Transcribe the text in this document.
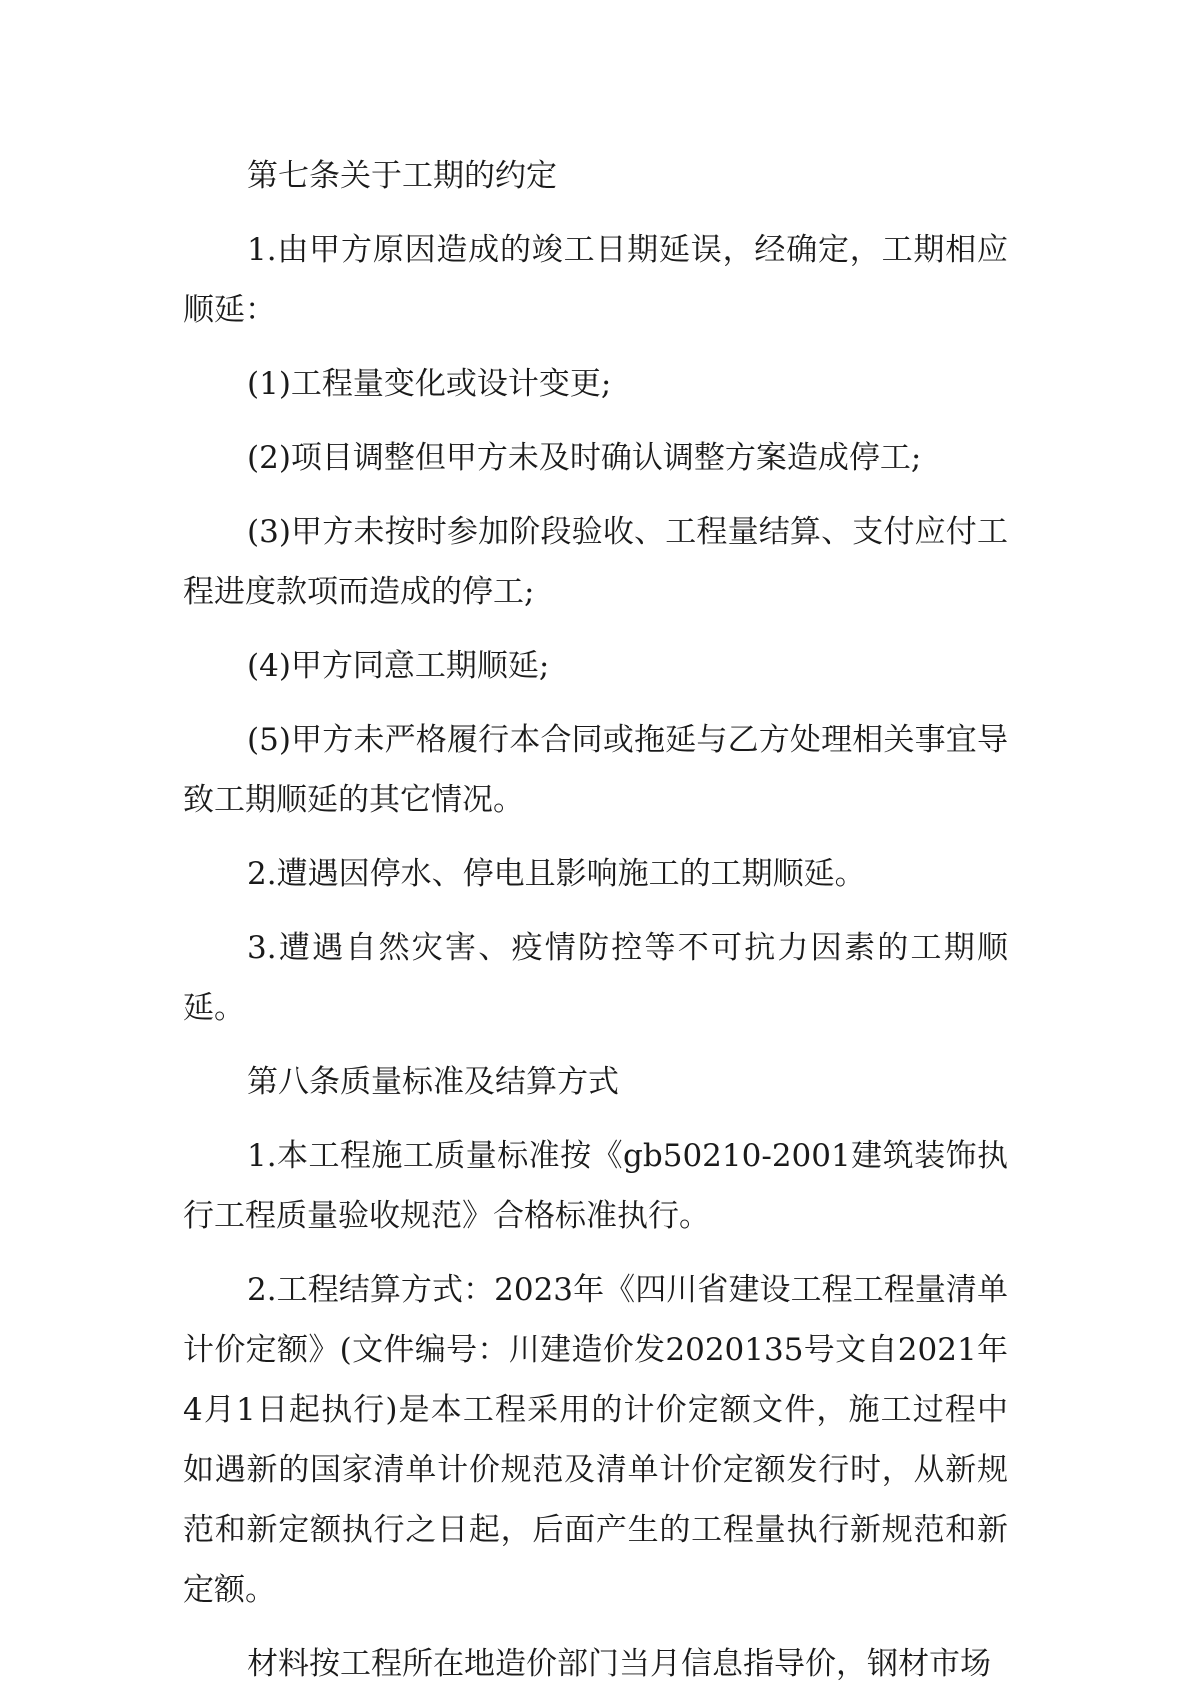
第七条关于工期的约定

1.由甲方原因造成的竣工日期延误，经确定，工期相应顺延：

(1)工程量变化或设计变更;

(2)项目调整但甲方未及时确认调整方案造成停工;

(3)甲方未按时参加阶段验收、工程量结算、支付应付工程进度款项而造成的停工;

(4)甲方同意工期顺延;

(5)甲方未严格履行本合同或拖延与乙方处理相关事宜导致工期顺延的其它情况。

2.遭遇因停水、停电且影响施工的工期顺延。

3.遭遇自然灾害、疫情防控等不可抗力因素的工期顺延。

第八条质量标准及结算方式

1.本工程施工质量标准按《gb50210-2001建筑装饰执行工程质量验收规范》合格标准执行。

2.工程结算方式：2023年《四川省建设工程工程量清单计价定额》(文件编号：川建造价发2020135号文自2021年4月1日起执行)是本工程采用的计价定额文件，施工过程中如遇新的国家清单计价规范及清单计价定额发行时，从新规范和新定额执行之日起，后面产生的工程量执行新规范和新定额。

材料按工程所在地造价部门当月信息指导价，钢材市场
